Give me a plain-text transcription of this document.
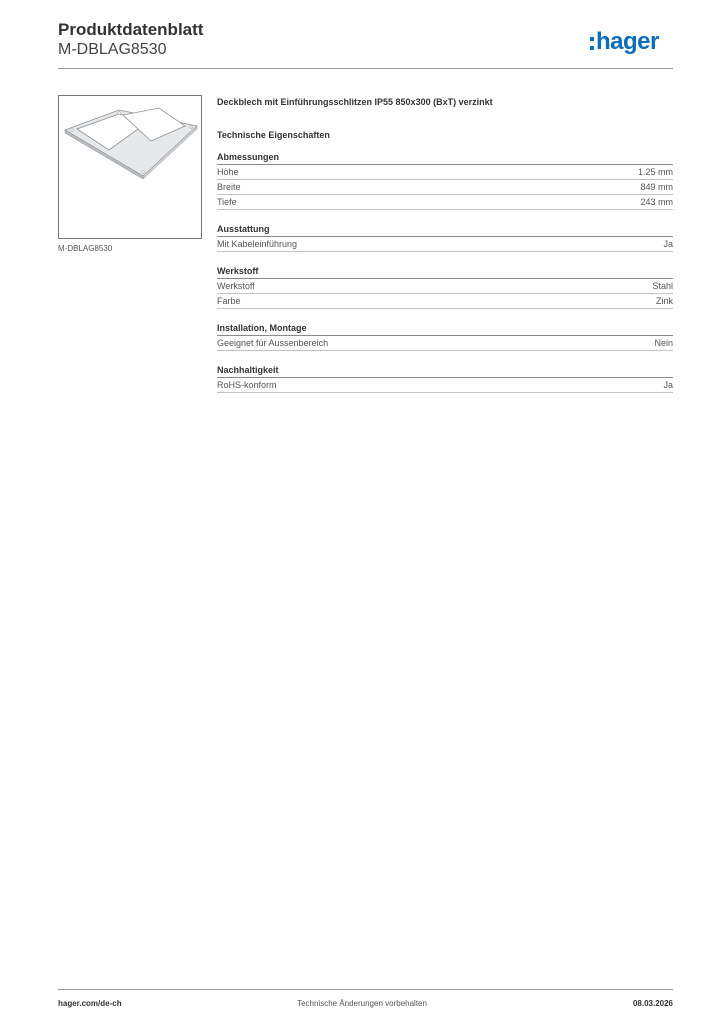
Produktdatenblatt
M-DBLAG8530	hager
M-DBLAG8530
Deckblech mit Einführungsschlitzen IP55 850x300 (BxT) verzinkt
Technische Eigenschaften
Abmessungen
Höhe	1.25 mm
Breite	849 mm
Tiefe	243 mm
Ausstattung
Mit Kabeleinführung	Ja
Werkstoff
Werkstoff	Stahl
Farbe	Zink
Installation, Montage
Geeignet für Aussenbereich	Nein
Nachhaltigkeit
RoHS-konform	Ja
hager.com/de-ch	Technische Änderungen vorbehalten	08.03.2026
